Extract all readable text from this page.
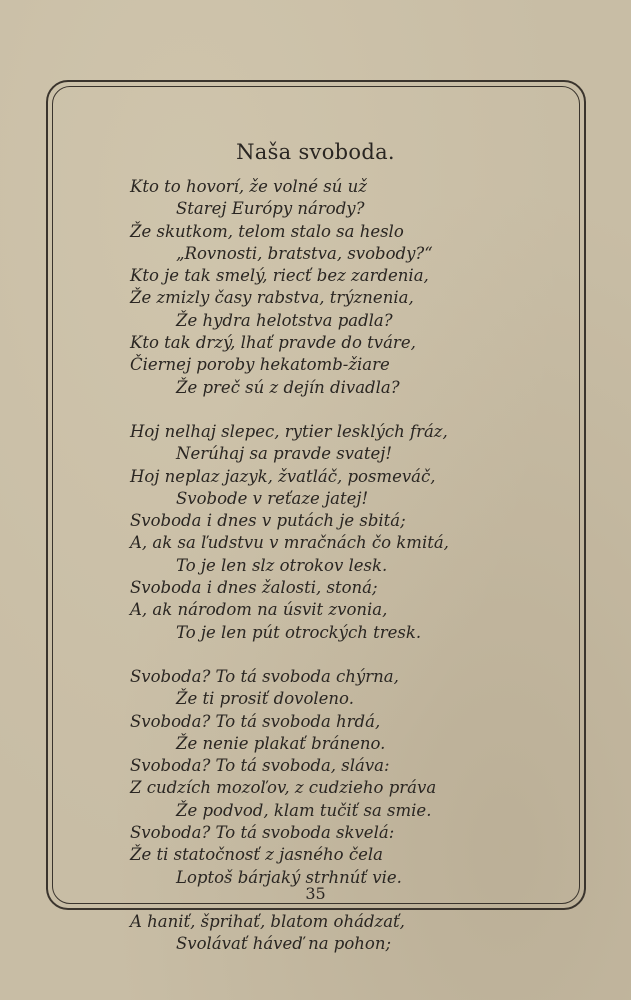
Naša svoboda.
Kto to hovorí, že volné sú už
Starej Európy národy?
Že skutkom, telom stalo sa heslo
„Rovnosti, bratstva, svobody?“
Kto je tak smelý, riecť bez zardenia,
Že zmizly časy rabstva, trýznenia,
Že hydra helotstva padla?
Kto tak drzý, lhať pravde do tváre,
Čiernej poroby hekatomb-žiare
Že preč sú z dejín divadla?
Hoj nelhaj slepec, rytier lesklých fráz,
Nerúhaj sa pravde svatej!
Hoj neplaz jazyk, žvatláč, posmeváč,
Svobode v reťaze jatej!
Svoboda i dnes v putách je sbitá;
A, ak sa ľudstvu v mračnách čo kmitá,
To je len slz otrokov lesk.
Svoboda i dnes žalosti, stoná;
A, ak národom na úsvit zvonia,
To je len pút otrockých tresk.
Svoboda? To tá svoboda chýrna,
Že ti prosiť dovoleno.
Svoboda? To tá svoboda hrdá,
Že nenie plakať bráneno.
Svoboda? To tá svoboda, sláva:
Z cudzích mozoľov, z cudzieho práva
Že podvod, klam tučiť sa smie.
Svoboda? To tá svoboda skvelá:
Že ti statočnosť z jasného čela
Loptoš bárjaký strhnúť vie.
A haniť, šprihať, blatom ohádzať,
Svolávať háveď na pohon;
35
